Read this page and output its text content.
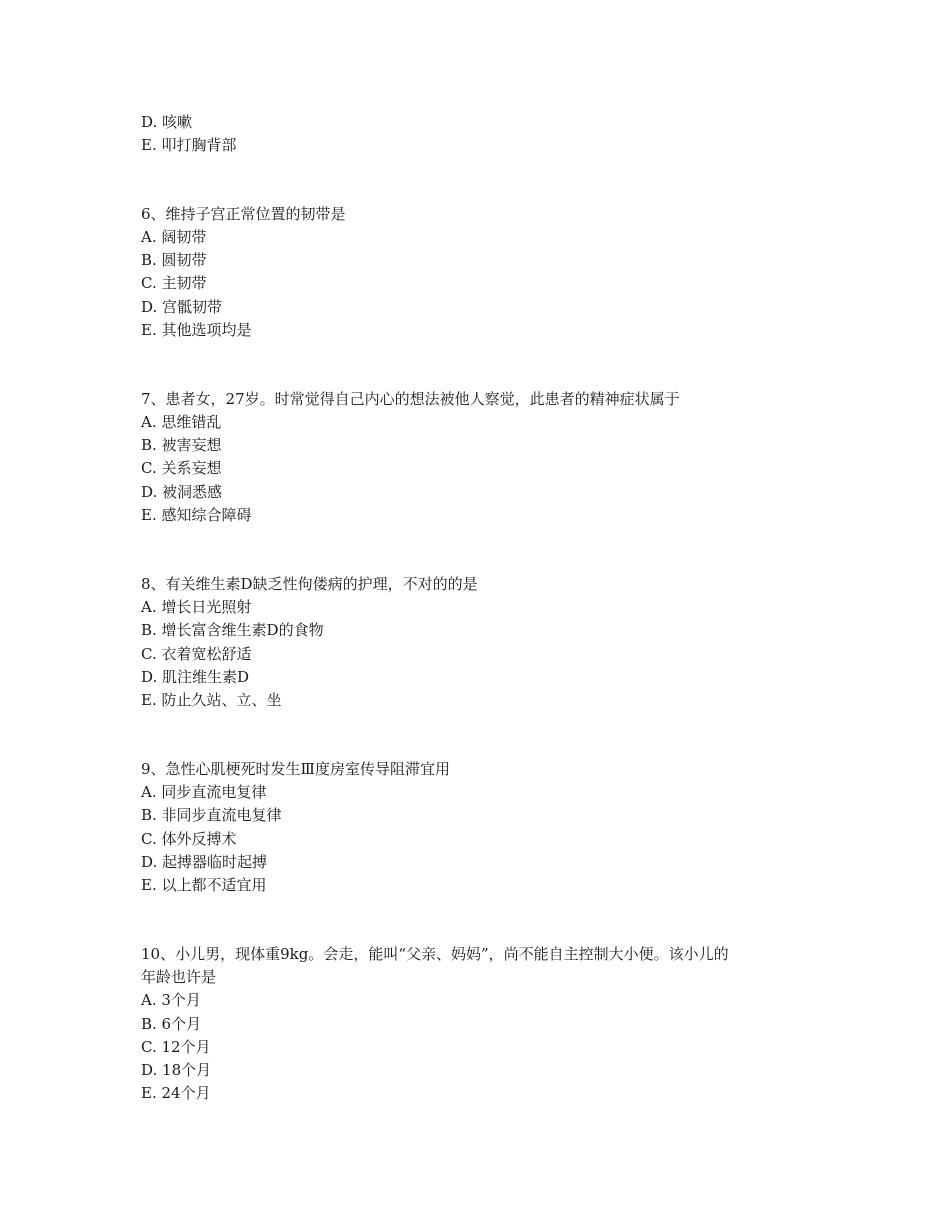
D. 咳嗽
E. 叩打胸背部
6、维持子宫正常位置的韧带是
A. 阔韧带
B. 圆韧带
C. 主韧带
D. 宫骶韧带
E. 其他选项均是
7、患者女，27岁。时常觉得自己内心的想法被他人察觉，此患者的精神症状属于
A. 思维错乱
B. 被害妄想
C. 关系妄想
D. 被洞悉感
E. 感知综合障碍
8、有关维生素D缺乏性佝偻病的护理，不对的的是
A. 增长日光照射
B. 增长富含维生素D的食物
C. 衣着宽松舒适
D. 肌注维生素D
E. 防止久站、立、坐
9、急性心肌梗死时发生Ⅲ度房室传导阻滞宜用
A. 同步直流电复律
B. 非同步直流电复律
C. 体外反搏术
D. 起搏器临时起搏
E. 以上都不适宜用
10、小儿男，现体重9kg。会走，能叫“父亲、妈妈”，尚不能自主控制大小便。该小儿的
年龄也许是
A. 3个月
B. 6个月
C. 12个月
D. 18个月
E. 24个月
